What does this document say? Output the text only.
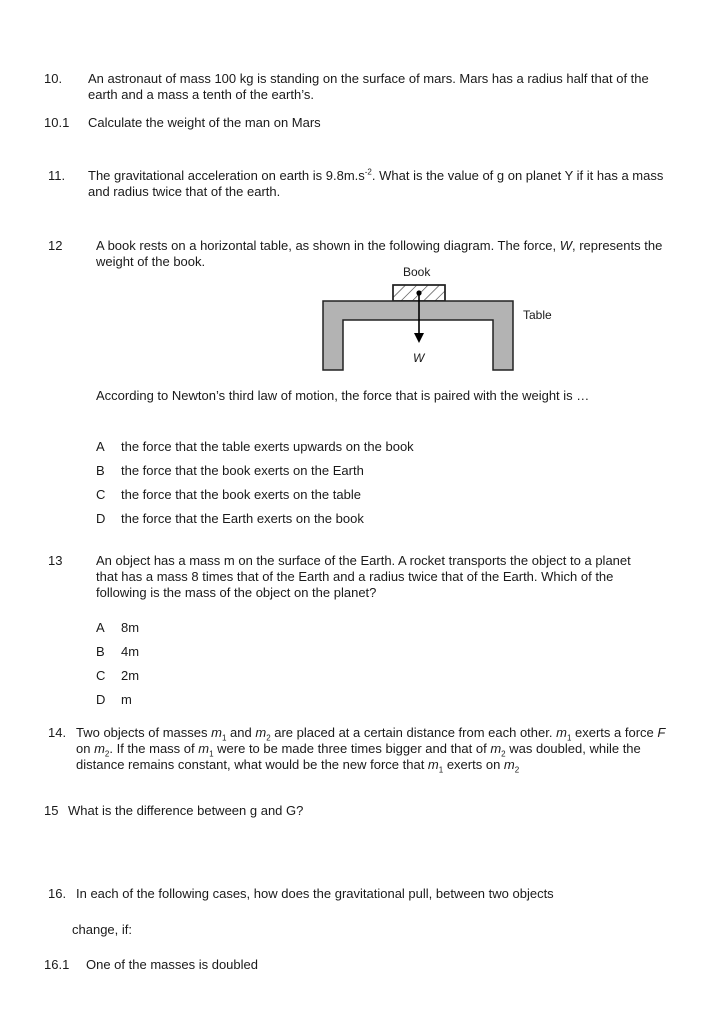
10. An astronaut of mass 100 kg is standing on the surface of mars. Mars has a radius half that of the earth and a mass a tenth of the earth’s.
10.1 Calculate the weight of the man on Mars
11. The gravitational acceleration on earth is $9.8m.s^{-2}$. What is the value of g on planet Y if it has a mass and radius twice that of the earth.
12	A book rests on a horizontal table, as shown in the following diagram. The force, W, represents the weight of the book.
Book
Table
W
According to Newton’s third law of motion, the force that is paired with the weight is …
A the force that the table exerts upwards on the book
B the force that the book exerts on the Earth
C the force that the book exerts on the table
D the force that the Earth exerts on the book
13	An object has a mass m on the surface of the Earth. A rocket transports the object to a planet that has a mass 8 times that of the Earth and a radius twice that of the Earth. Which of the following is the mass of the object on the planet?
A 8m
B 4m
C 2m
D m
14. Two objects of masses $m_1$ and $m_2$ are placed at a certain distance from each other. $m_1$ exerts a force F on $m_2$. If the mass of $m_1$ were to be made three times bigger and that of $m_2$ was doubled, while the distance remains constant, what would be the new force that $m_1$ exerts on $m_2$
15 What is the difference between g and G?
16. In each of the following cases, how does the gravitational pull, between two objects
change, if:
16.1 One of the masses is doubled
